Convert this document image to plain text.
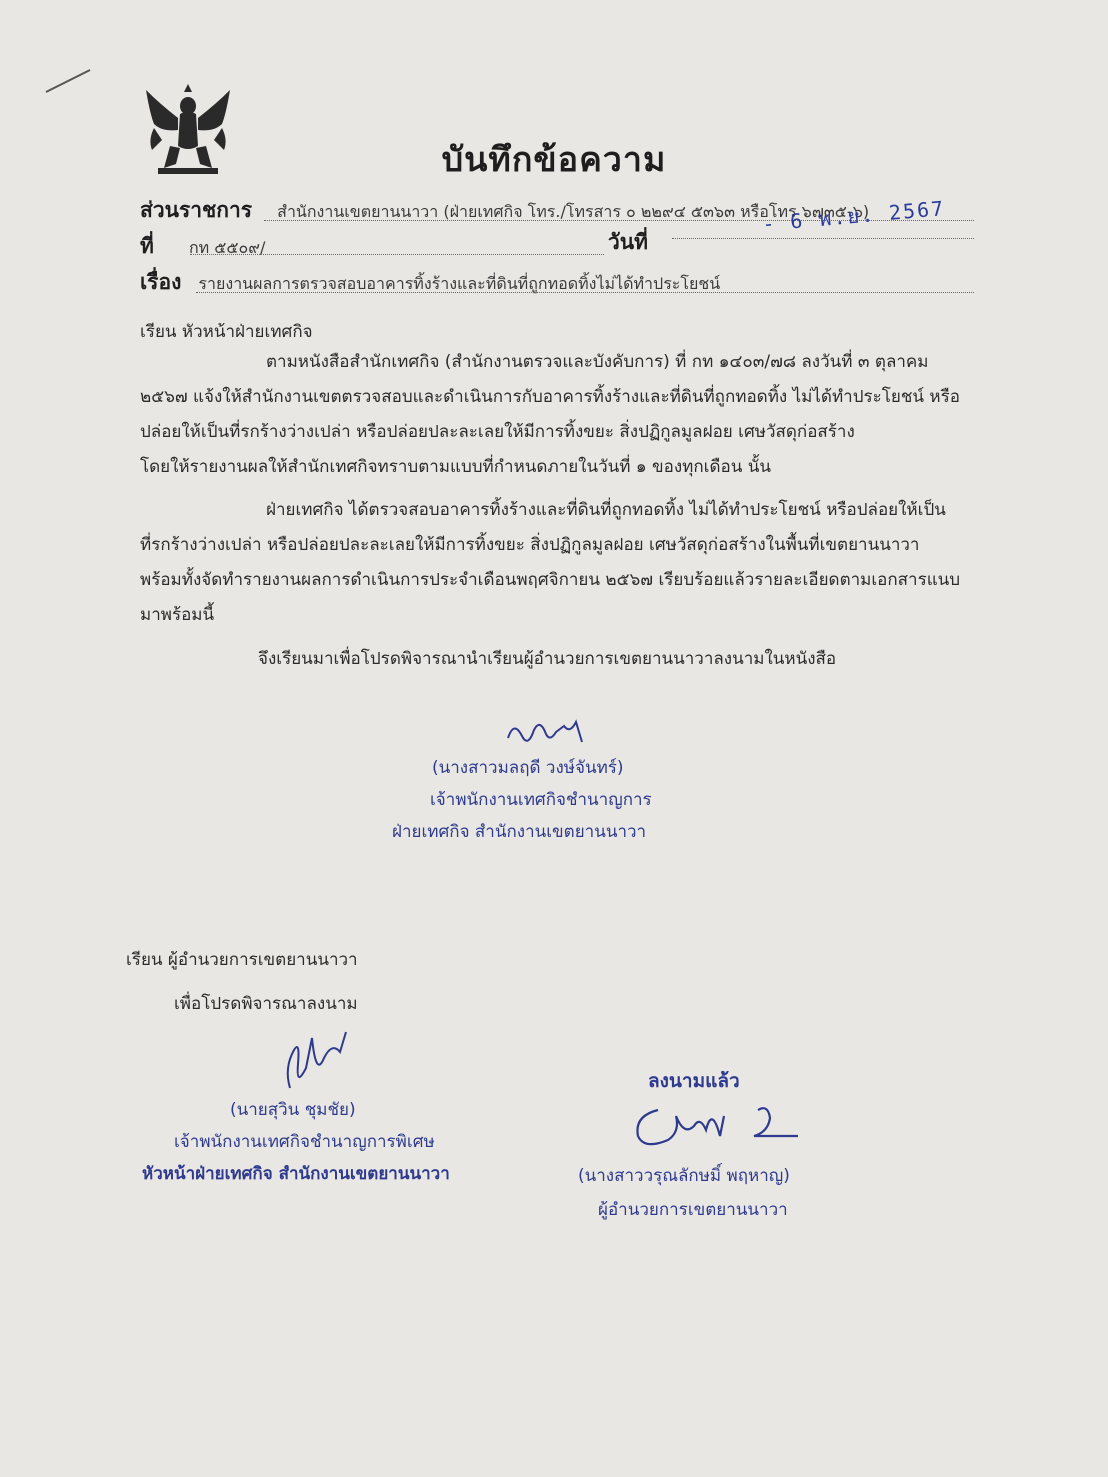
บันทึกข้อความ
ส่วนราชการ สำนักงานเขตยานนาวา (ฝ่ายเทศกิจ โทร./โทรสาร ๐ ๒๒๙๔ ๕๓๖๓ หรือโทร ๖๗๓๕-๖)
ที่ กท ๕๕๐๙/	วันที่
- 6 พ.ย. 2567
เรื่อง รายงานผลการตรวจสอบอาคารทิ้งร้างและที่ดินที่ถูกทอดทิ้งไม่ได้ทำประโยชน์
เรียน หัวหน้าฝ่ายเทศกิจ
ตามหนังสือสำนักเทศกิจ (สำนักงานตรวจและบังคับการ) ที่ กท ๑๔๐๓/๗๘ ลงวันที่ ๓ ตุลาคม
๒๕๖๗ แจ้งให้สำนักงานเขตตรวจสอบและดำเนินการกับอาคารทิ้งร้างและที่ดินที่ถูกทอดทิ้ง ไม่ได้ทำประโยชน์ หรือ
ปล่อยให้เป็นที่รกร้างว่างเปล่า หรือปล่อยปละละเลยให้มีการทิ้งขยะ สิ่งปฏิกูลมูลฝอย เศษวัสดุก่อสร้าง
โดยให้รายงานผลให้สำนักเทศกิจทราบตามแบบที่กำหนดภายในวันที่ ๑ ของทุกเดือน นั้น
ฝ่ายเทศกิจ ได้ตรวจสอบอาคารทิ้งร้างและที่ดินที่ถูกทอดทิ้ง ไม่ได้ทำประโยชน์ หรือปล่อยให้เป็น
ที่รกร้างว่างเปล่า หรือปล่อยปละละเลยให้มีการทิ้งขยะ สิ่งปฏิกูลมูลฝอย เศษวัสดุก่อสร้างในพื้นที่เขตยานนาวา
พร้อมทั้งจัดทำรายงานผลการดำเนินการประจำเดือนพฤศจิกายน ๒๕๖๗ เรียบร้อยแล้วรายละเอียดตามเอกสารแนบ
มาพร้อมนี้
จึงเรียนมาเพื่อโปรดพิจารณานำเรียนผู้อำนวยการเขตยานนาวาลงนามในหนังสือ
(นางสาวมลฤดี วงษ์จันทร์)
เจ้าพนักงานเทศกิจชำนาญการ
ฝ่ายเทศกิจ สำนักงานเขตยานนาวา
เรียน ผู้อำนวยการเขตยานนาวา
เพื่อโปรดพิจารณาลงนาม
(นายสุวิน ชุมชัย)
เจ้าพนักงานเทศกิจชำนาญการพิเศษ
หัวหน้าฝ่ายเทศกิจ สำนักงานเขตยานนาวา
ลงนามแล้ว
(นางสาววรุณลักษมิ์ พฤหาญ)
ผู้อำนวยการเขตยานนาวา
